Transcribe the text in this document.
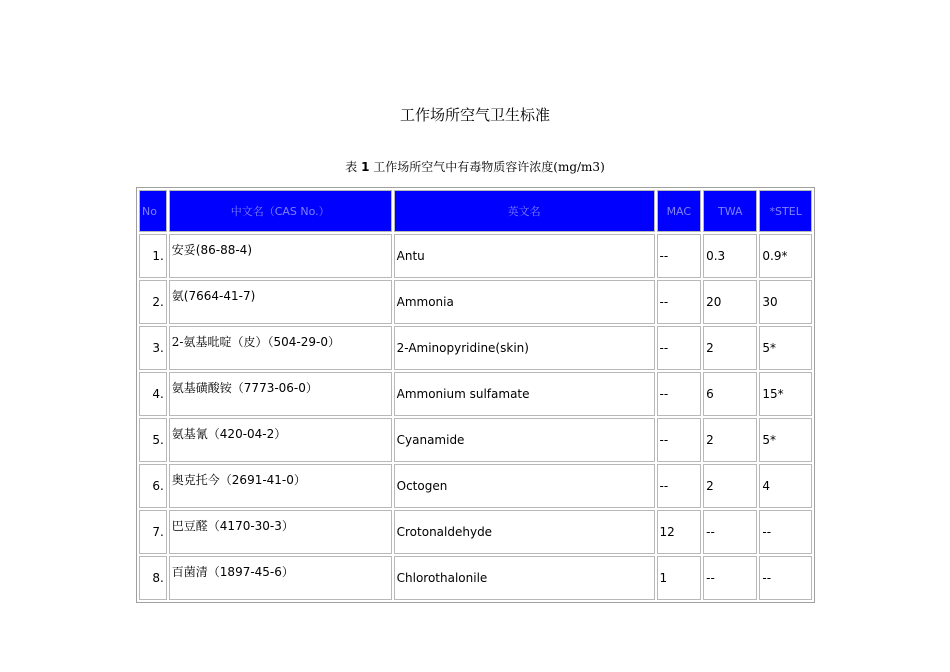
工作场所空气卫生标准
表 1 工作场所空气中有毒物质容许浓度(mg/m3)
No	中文名（CAS No.）	英文名	MAC	TWA	*STEL
1.	安妥(86-88-4)	Antu	--	0.3	0.9*
2.	氨(7664-41-7)	Ammonia	--	20	30
3.	2-氨基吡啶（皮）（504-29-0）	2-Aminopyridine(skin)	--	2	5*
4.	氨基磺酸铵（7773-06-0）	Ammonium sulfamate	--	6	15*
5.	氨基氰（420-04-2）	Cyanamide	--	2	5*
6.	奥克托今（2691-41-0）	Octogen	--	2	4
7.	巴豆醛（4170-30-3）	Crotonaldehyde	12	--	--
8.	百菌清（1897-45-6）	Chlorothalonile	1	--	--
